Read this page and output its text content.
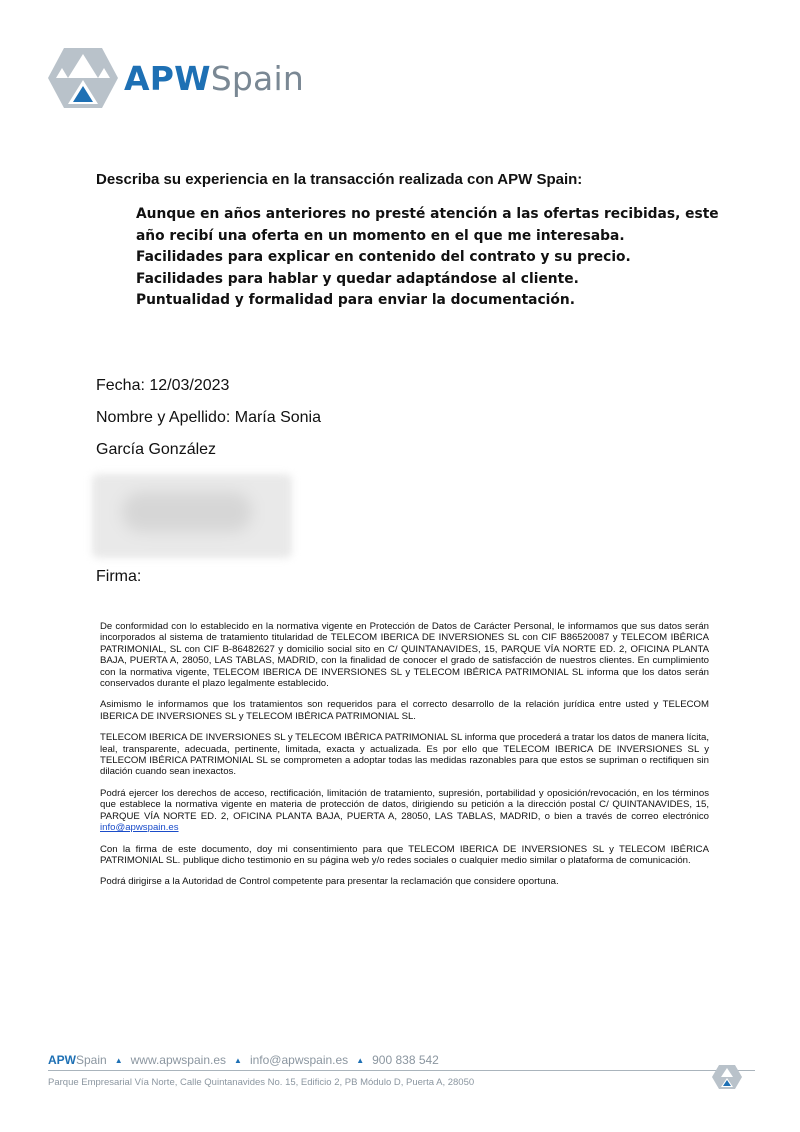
APWSpain
Describa su experiencia en la transacción realizada con APW Spain:

Aunque en años anteriores no presté atención a las ofertas recibidas, este año recibí una oferta en un momento en el que me interesaba.

Facilidades para explicar en contenido del contrato y su precio.

Facilidades para hablar y quedar adaptándose al cliente.

Puntualidad y formalidad para enviar la documentación.

Fecha: 12/03/2023
Nombre y Apellido: María Sonia
García González
Firma:

De conformidad con lo establecido en la normativa vigente en Protección de Datos de Carácter Personal, le informamos que sus datos serán incorporados al sistema de tratamiento titularidad de TELECOM IBERICA DE INVERSIONES SL con CIF B86520087 y TELECOM IBÉRICA PATRIMONIAL, SL con CIF B-86482627 y domicilio social sito en C/ QUINTANAVIDES, 15, PARQUE VÍA NORTE ED. 2, OFICINA PLANTA BAJA, PUERTA A, 28050, LAS TABLAS, MADRID, con la finalidad de conocer el grado de satisfacción de nuestros clientes. En cumplimiento con la normativa vigente, TELECOM IBERICA DE INVERSIONES SL y TELECOM IBÉRICA PATRIMONIAL SL informa que los datos serán conservados durante el plazo legalmente establecido.

Asimismo le informamos que los tratamientos son requeridos para el correcto desarrollo de la relación jurídica entre usted y TELECOM IBERICA DE INVERSIONES SL y TELECOM IBÉRICA PATRIMONIAL SL.

TELECOM IBERICA DE INVERSIONES SL y TELECOM IBÉRICA PATRIMONIAL SL informa que procederá a tratar los datos de manera lícita, leal, transparente, adecuada, pertinente, limitada, exacta y actualizada. Es por ello que TELECOM IBERICA DE INVERSIONES SL y TELECOM IBÉRICA PATRIMONIAL SL se comprometen a adoptar todas las medidas razonables para que estos se supriman o rectifiquen sin dilación cuando sean inexactos.

Podrá ejercer los derechos de acceso, rectificación, limitación de tratamiento, supresión, portabilidad y oposición/revocación, en los términos que establece la normativa vigente en materia de protección de datos, dirigiendo su petición a la dirección postal C/ QUINTANAVIDES, 15, PARQUE VÍA NORTE ED. 2, OFICINA PLANTA BAJA, PUERTA A, 28050, LAS TABLAS, MADRID, o bien a través de correo electrónico info@apwspain.es

Con la firma de este documento, doy mi consentimiento para que TELECOM IBERICA DE INVERSIONES SL y TELECOM IBÉRICA PATRIMONIAL SL. publique dicho testimonio en su página web y/o redes sociales o cualquier medio similar o plataforma de comunicación.

Podrá dirigirse a la Autoridad de Control competente para presentar la reclamación que considere oportuna.

APWSpain ▲ www.apwspain.es ▲ info@apwspain.es ▲ 900 838 542
Parque Empresarial Vía Norte, Calle Quintanavides No. 15, Edificio 2, PB Módulo D, Puerta A, 28050
